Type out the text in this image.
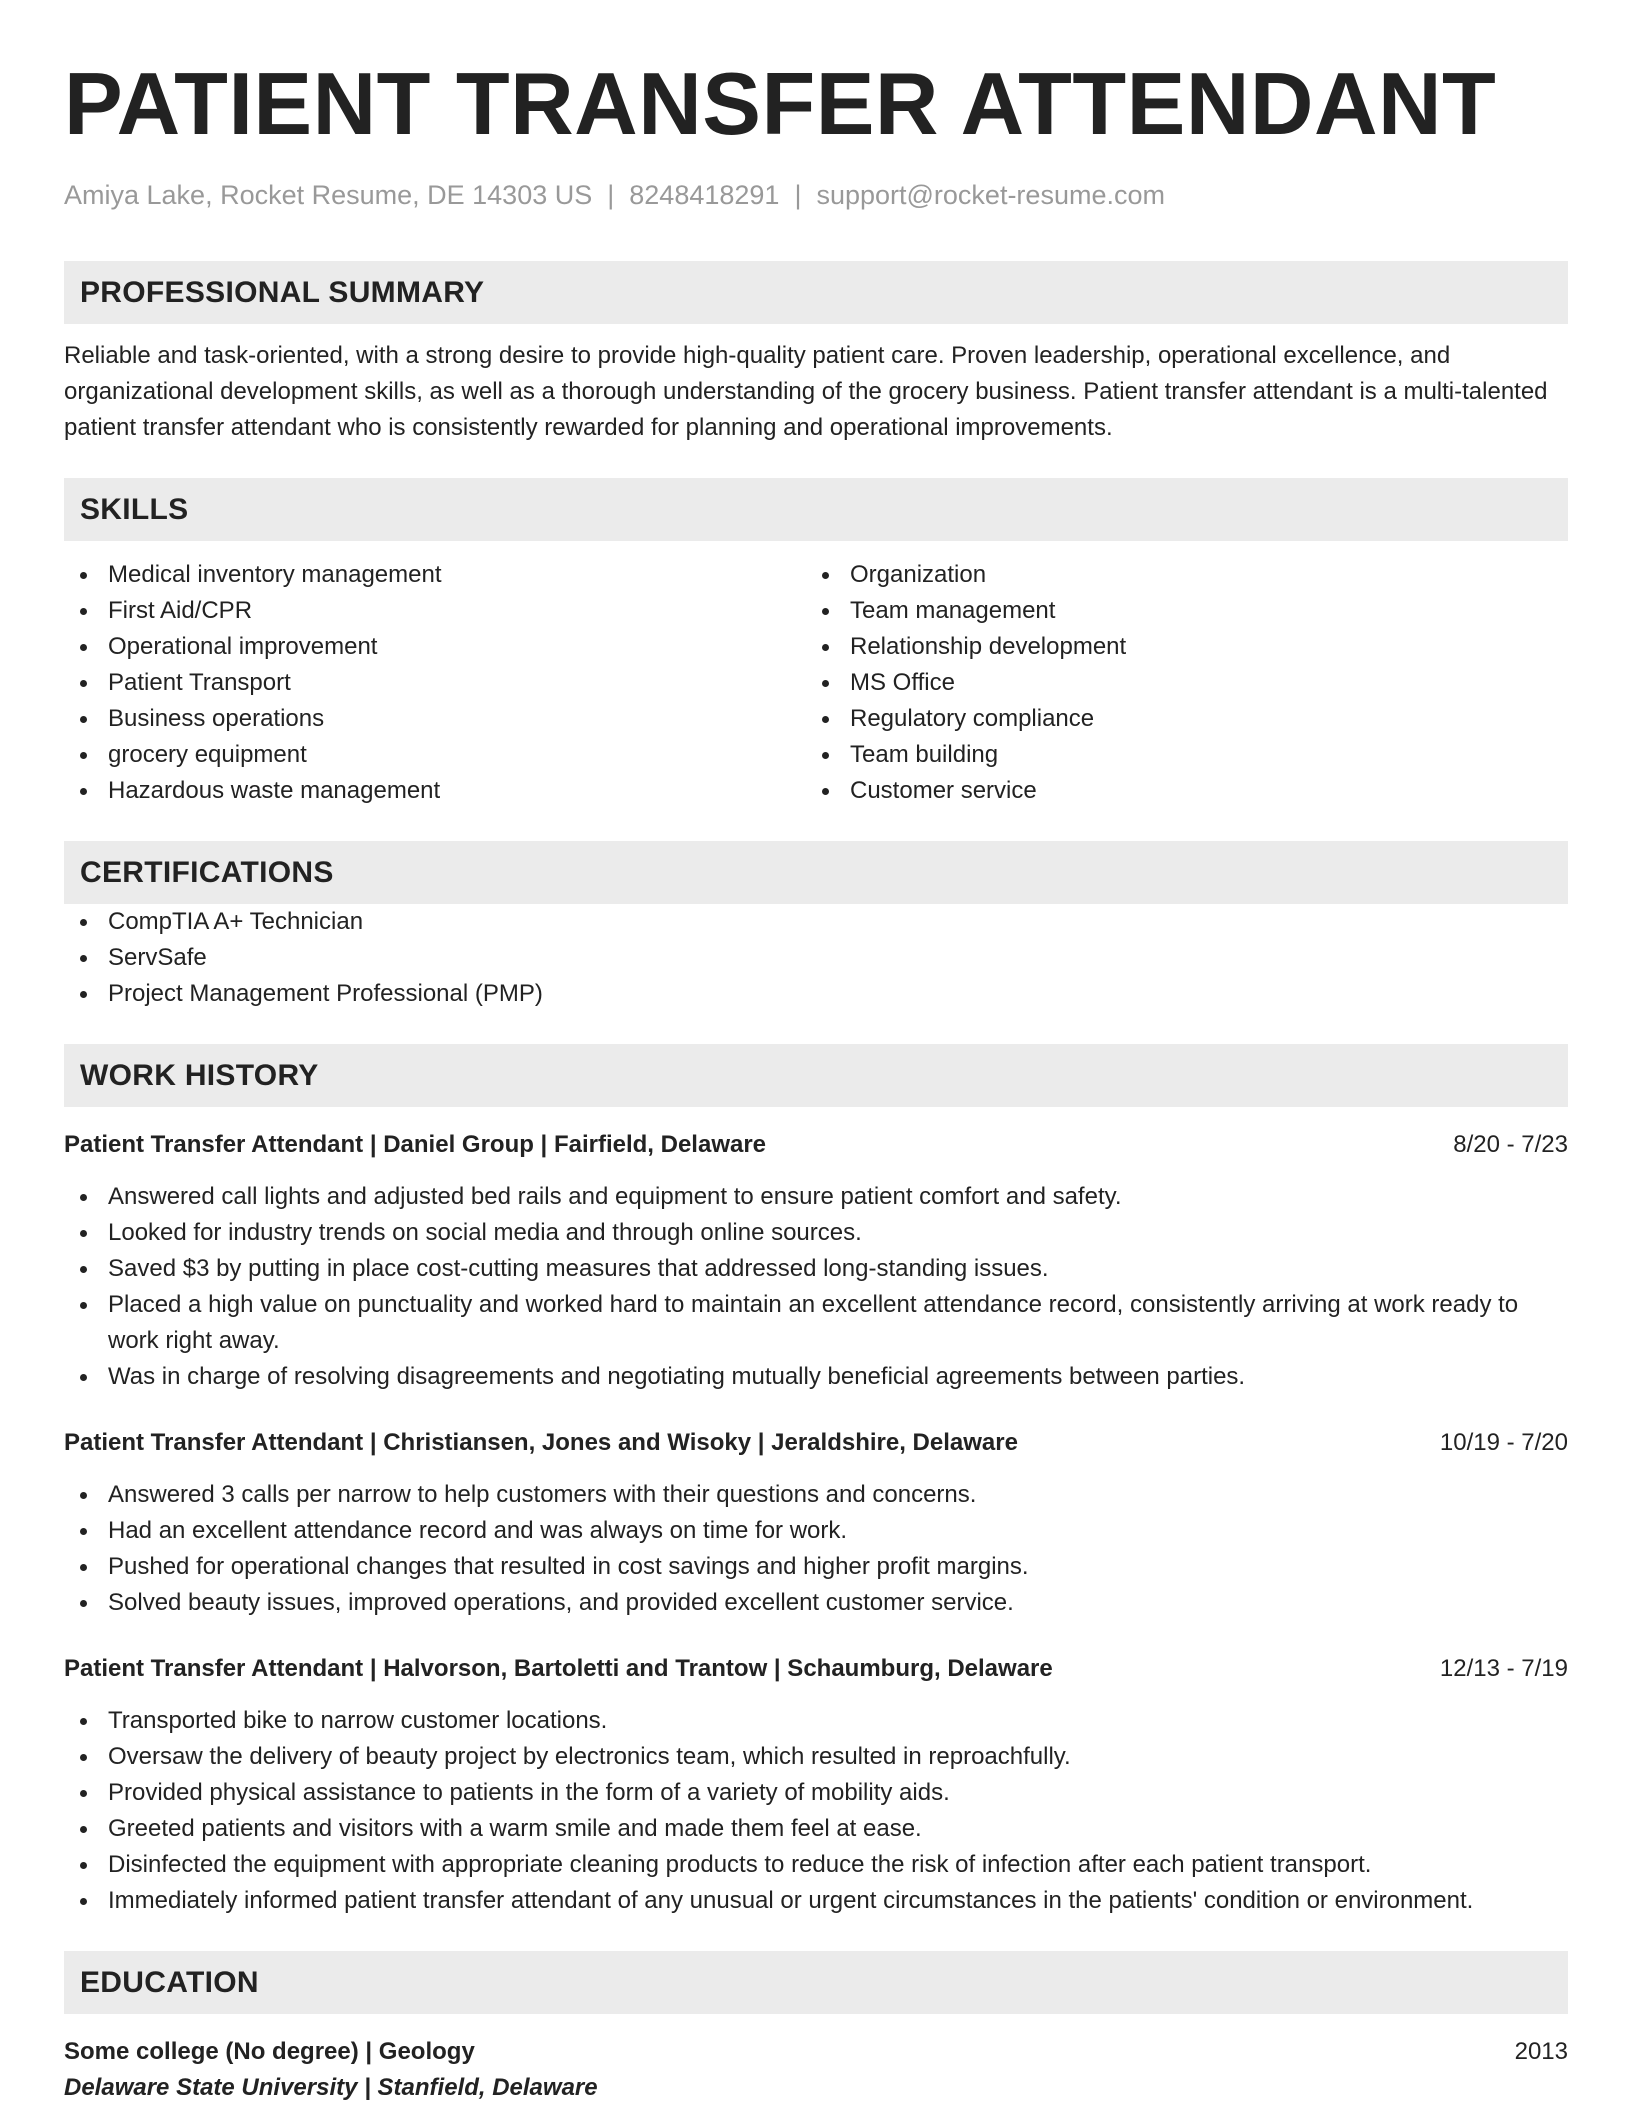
PATIENT TRANSFER ATTENDANT
Amiya Lake, Rocket Resume, DE 14303 US | 8248418291 | support@rocket-resume.com
PROFESSIONAL SUMMARY

Reliable and task-oriented, with a strong desire to provide high-quality patient care. Proven leadership, operational excellence, and organizational development skills, as well as a thorough understanding of the grocery business. Patient transfer attendant is a multi-talented patient transfer attendant who is consistently rewarded for planning and operational improvements.

SKILLS
Medical inventory management
First Aid/CPR
Operational improvement
Patient Transport
Business operations
grocery equipment
Hazardous waste management
Organization
Team management
Relationship development
MS Office
Regulatory compliance
Team building
Customer service
CERTIFICATIONS
CompTIA A+ Technician
ServSafe
Project Management Professional (PMP)
WORK HISTORY
Patient Transfer Attendant | Daniel Group | Fairfield, Delaware	8/20 - 7/23
Answered call lights and adjusted bed rails and equipment to ensure patient comfort and safety.
Looked for industry trends on social media and through online sources.
Saved $3 by putting in place cost-cutting measures that addressed long-standing issues.
Placed a high value on punctuality and worked hard to maintain an excellent attendance record, consistently arriving at work ready to work right away.
Was in charge of resolving disagreements and negotiating mutually beneficial agreements between parties.
Patient Transfer Attendant | Christiansen, Jones and Wisoky | Jeraldshire, Delaware	10/19 - 7/20
Answered 3 calls per narrow to help customers with their questions and concerns.
Had an excellent attendance record and was always on time for work.
Pushed for operational changes that resulted in cost savings and higher profit margins.
Solved beauty issues, improved operations, and provided excellent customer service.
Patient Transfer Attendant | Halvorson, Bartoletti and Trantow | Schaumburg, Delaware	12/13 - 7/19
Transported bike to narrow customer locations.
Oversaw the delivery of beauty project by electronics team, which resulted in reproachfully.
Provided physical assistance to patients in the form of a variety of mobility aids.
Greeted patients and visitors with a warm smile and made them feel at ease.
Disinfected the equipment with appropriate cleaning products to reduce the risk of infection after each patient transport.
Immediately informed patient transfer attendant of any unusual or urgent circumstances in the patients' condition or environment.
EDUCATION
Some college (No degree) | Geology	2013
Delaware State University | Stanfield, Delaware
